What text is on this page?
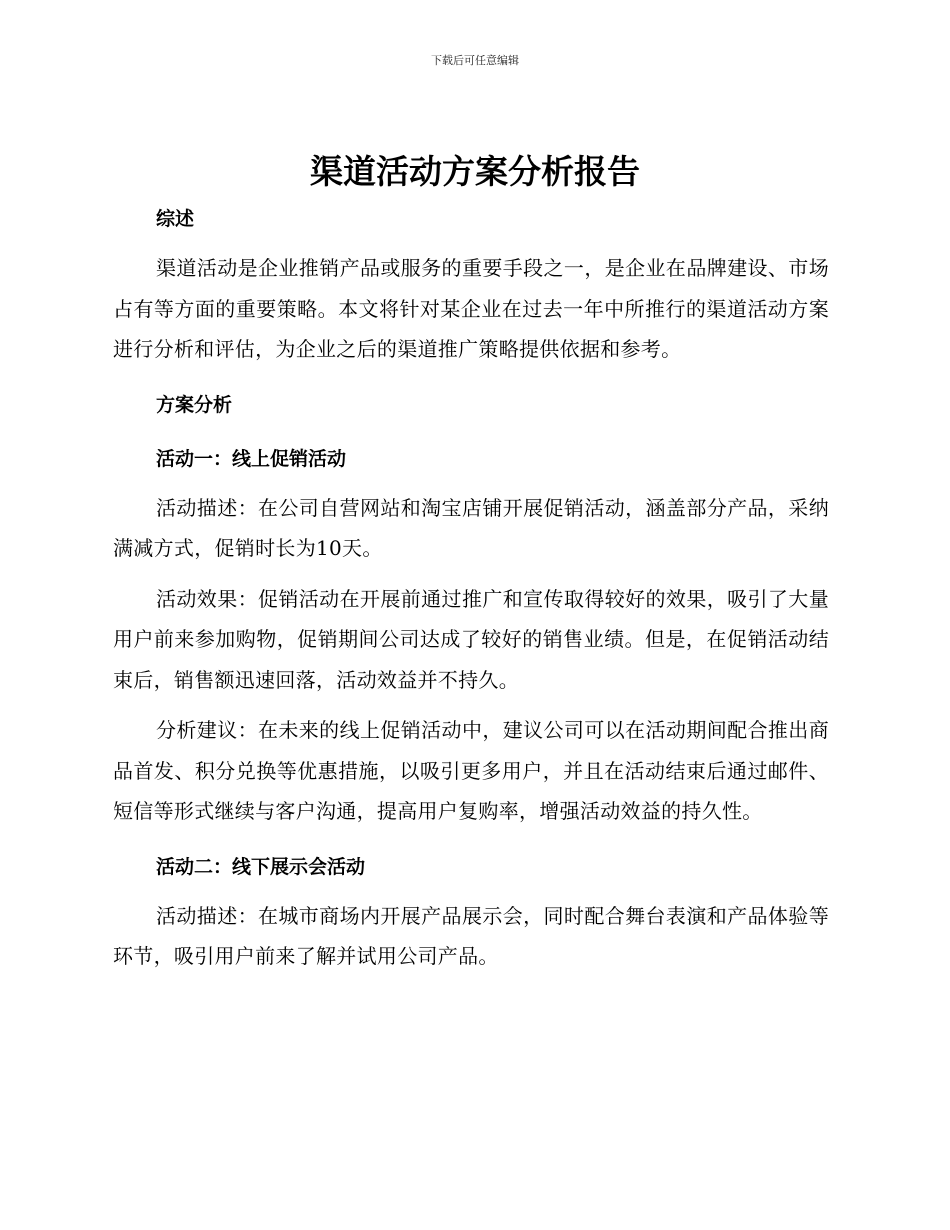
下载后可任意编辑
渠道活动方案分析报告
综述

渠道活动是企业推销产品或服务的重要手段之一，是企业在品牌建设、市场占有等方面的重要策略。本文将针对某企业在过去一年中所推行的渠道活动方案进行分析和评估，为企业之后的渠道推广策略提供依据和参考。

方案分析
活动一：线上促销活动

活动描述：在公司自营网站和淘宝店铺开展促销活动，涵盖部分产品，采纳满减方式，促销时长为10天。

活动效果：促销活动在开展前通过推广和宣传取得较好的效果，吸引了大量用户前来参加购物，促销期间公司达成了较好的销售业绩。但是，在促销活动结束后，销售额迅速回落，活动效益并不持久。

分析建议：在未来的线上促销活动中，建议公司可以在活动期间配合推出商品首发、积分兑换等优惠措施，以吸引更多用户，并且在活动结束后通过邮件、短信等形式继续与客户沟通，提高用户复购率，增强活动效益的持久性。

活动二：线下展示会活动

活动描述：在城市商场内开展产品展示会，同时配合舞台表演和产品体验等环节，吸引用户前来了解并试用公司产品。
